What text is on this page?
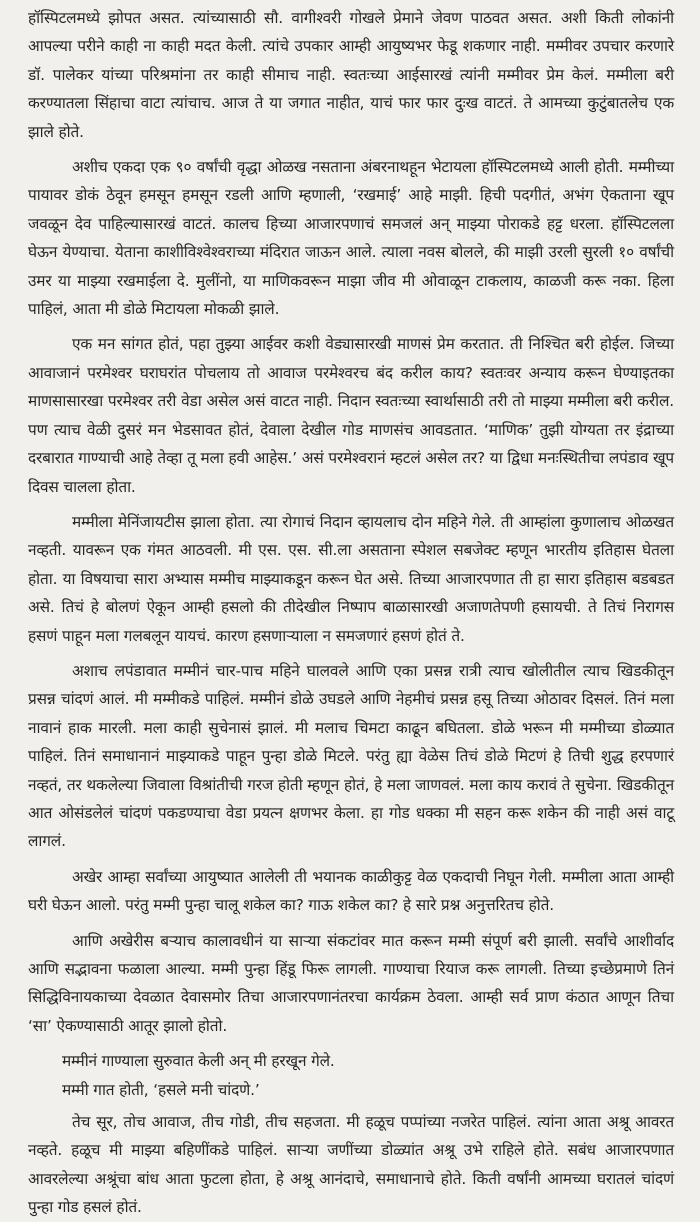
हॉस्पिटलमध्ये झोपत असत. त्यांच्यासाठी सौ. वागीश्वरी गोखले प्रेमाने जेवण पाठवत असत. अशी किती लोकांनी आपल्या परीने काही ना काही मदत केली. त्यांचे उपकार आम्ही आयुष्यभर फेडू शकणार नाही. मम्मीवर उपचार करणारे डॉ. पालेकर यांच्या परिश्रमांना तर काही सीमाच नाही. स्वतःच्या आईसारखं त्यांनी मम्मीवर प्रेम केलं. मम्मीला बरी करण्यातला सिंहाचा वाटा त्यांचाच. आज ते या जगात नाहीत, याचं फार फार दुःख वाटतं. ते आमच्या कुटुंबातलेच एक झाले होते.

अशीच एकदा एक ९० वर्षांची वृद्धा ओळख नसताना अंबरनाथहून भेटायला हॉस्पिटलमध्ये आली होती. मम्मीच्या पायावर डोकं ठेवून हमसून हमसून रडली आणि म्हणाली, ‘रखमाई’ आहे माझी. हिची पदगीतं, अभंग ऐकताना खूप जवळून देव पाहिल्यासारखं वाटतं. कालच हिच्या आजारपणाचं समजलं अन् माझ्या पोराकडे हट्ट धरला. हॉस्पिटलला घेऊन येण्याचा. येताना काशीविश्वेश्वराच्या मंदिरात जाऊन आले. त्याला नवस बोलले, की माझी उरली सुरली १० वर्षांची उमर या माझ्या रखमाईला दे. मुलींनो, या माणिकवरून माझा जीव मी ओवाळून टाकलाय, काळजी करू नका. हिला पाहिलं, आता मी डोळे मिटायला मोकळी झाले.

एक मन सांगत होतं, पहा तुझ्या आईवर कशी वेड्यासारखी माणसं प्रेम करतात. ती निश्चित बरी होईल. जिच्या आवाजानं परमेश्वर घराघरांत पोचलाय तो आवाज परमेश्वरच बंद करील काय? स्वतःवर अन्याय करून घेण्याइतका माणसासारखा परमेश्वर तरी वेडा असेल असं वाटत नाही. निदान स्वतःच्या स्वार्थासाठी तरी तो माझ्या मम्मीला बरी करील. पण त्याच वेळी दुसरं मन भेडसावत होतं, देवाला देखील गोड माणसंच आवडतात. ‘माणिक’ तुझी योग्यता तर इंद्राच्या दरबारात गाण्याची आहे तेव्हा तू मला हवी आहेस.’ असं परमेश्वरानं म्हटलं असेल तर? या द्विधा मनःस्थितीचा लपंडाव खूप दिवस चालला होता.

मम्मीला मेनिंजायटीस झाला होता. त्या रोगाचं निदान व्हायलाच दोन महिने गेले. ती आम्हांला कुणालाच ओळखत नव्हती. यावरून एक गंमत आठवली. मी एस. एस. सी.ला असताना स्पेशल सबजेक्ट म्हणून भारतीय इतिहास घेतला होता. या विषयाचा सारा अभ्यास मम्मीच माझ्याकडून करून घेत असे. तिच्या आजारपणात ती हा सारा इतिहास बडबडत असे. तिचं हे बोलणं ऐकून आम्ही हसलो की तीदेखील निष्पाप बाळासारखी अजाणतेपणी हसायची. ते तिचं निरागस हसणं पाहून मला गलबलून यायचं. कारण हसणाऱ्याला न समजणारं हसणं होतं ते.

अशाच लपंडावात मम्मीनं चार-पाच महिने घालवले आणि एका प्रसन्न रात्री त्याच खोलीतील त्याच खिडकीतून प्रसन्न चांदणं आलं. मी मम्मीकडे पाहिलं. मम्मीनं डोळे उघडले आणि नेहमीचं प्रसन्न हसू तिच्या ओठावर दिसलं. तिनं मला नावानं हाक मारली. मला काही सुचेनासं झालं. मी मलाच चिमटा काढून बघितला. डोळे भरून मी मम्मीच्या डोळ्यात पाहिलं. तिनं समाधानानं माझ्याकडे पाहून पुन्हा डोळे मिटले. परंतु ह्या वेळेस तिचं डोळे मिटणं हे तिची शुद्ध हरपणारं नव्हतं, तर थकलेल्या जिवाला विश्रांतीची गरज होती म्हणून होतं, हे मला जाणवलं. मला काय करावं ते सुचेना. खिडकीतून आत ओसंडलेलं चांदणं पकडण्याचा वेडा प्रयत्न क्षणभर केला. हा गोड धक्का मी सहन करू शकेन की नाही असं वाटू लागलं.

अखेर आम्हा सर्वांच्या आयुष्यात आलेली ती भयानक काळीकुट्ट वेळ एकदाची निघून गेली. मम्मीला आता आम्ही घरी घेऊन आलो. परंतु मम्मी पुन्हा चालू शकेल का? गाऊ शकेल का? हे सारे प्रश्न अनुत्तरितच होते.

आणि अखेरीस बऱ्याच कालावधीनं या साऱ्या संकटांवर मात करून मम्मी संपूर्ण बरी झाली. सर्वांचे आशीर्वाद आणि सद्भावना फळाला आल्या. मम्मी पुन्हा हिंडू फिरू लागली. गाण्याचा रियाज करू लागली. तिच्या इच्छेप्रमाणे तिनं सिद्धिविनायकाच्या देवळात देवासमोर तिचा आजारपणानंतरचा कार्यक्रम ठेवला. आम्ही सर्व प्राण कंठात आणून तिचा ‘सा’ ऐकण्यासाठी आतूर झालो होतो.

मम्मीनं गाण्याला सुरुवात केली अन् मी हरखून गेले.

मम्मी गात होती, ‘हसले मनी चांदणे.’

तेच सूर, तोच आवाज, तीच गोडी, तीच सहजता. मी हळूच पप्पांच्या नजरेत पाहिलं. त्यांना आता अश्रू आवरत नव्हते. हळूच मी माझ्या बहिणींकडे पाहिलं. साऱ्या जणींच्या डोळ्यांत अश्रू उभे राहिले होते. सबंध आजारपणात आवरलेल्या अश्रूंचा बांध आता फुटला होता, हे अश्रू आनंदाचे, समाधानाचे होते. किती वर्षांनी आमच्या घरातलं चांदणं पुन्हा गोड हसलं होतं.
